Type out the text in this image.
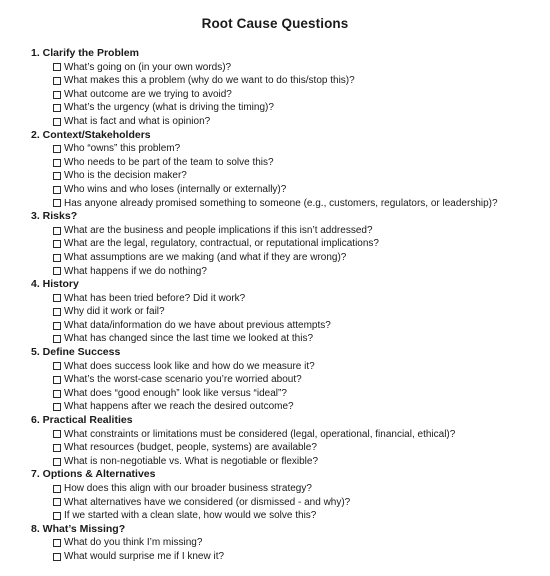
Root Cause Questions
1. Clarify the Problem
What’s going on (in your own words)?
What makes this a problem (why do we want to do this/stop this)?
What outcome are we trying to avoid?
What’s the urgency (what is driving the timing)?
What is fact and what is opinion?
2. Context/Stakeholders
Who “owns” this problem?
Who needs to be part of the team to solve this?
Who is the decision maker?
Who wins and who loses (internally or externally)?
Has anyone already promised something to someone (e.g., customers, regulators, or leadership)?
3. Risks?
What are the business and people implications if this isn’t addressed?
What are the legal, regulatory, contractual, or reputational implications?
What assumptions are we making (and what if they are wrong)?
What happens if we do nothing?
4. History
What has been tried before? Did it work?
Why did it work or fail?
What data/information do we have about previous attempts?
What has changed since the last time we looked at this?
5. Define Success
What does success look like and how do we measure it?
What’s the worst-case scenario you’re worried about?
What does “good enough” look like versus “ideal”?
What happens after we reach the desired outcome?
6. Practical Realities
What constraints or limitations must be considered (legal, operational, financial, ethical)?
What resources (budget, people, systems) are available?
What is non-negotiable vs. What is negotiable or flexible?
7. Options & Alternatives
How does this align with our broader business strategy?
What alternatives have we considered (or dismissed - and why)?
If we started with a clean slate, how would we solve this?
8. What’s Missing?
What do you think I’m missing?
What would surprise me if I knew it?
